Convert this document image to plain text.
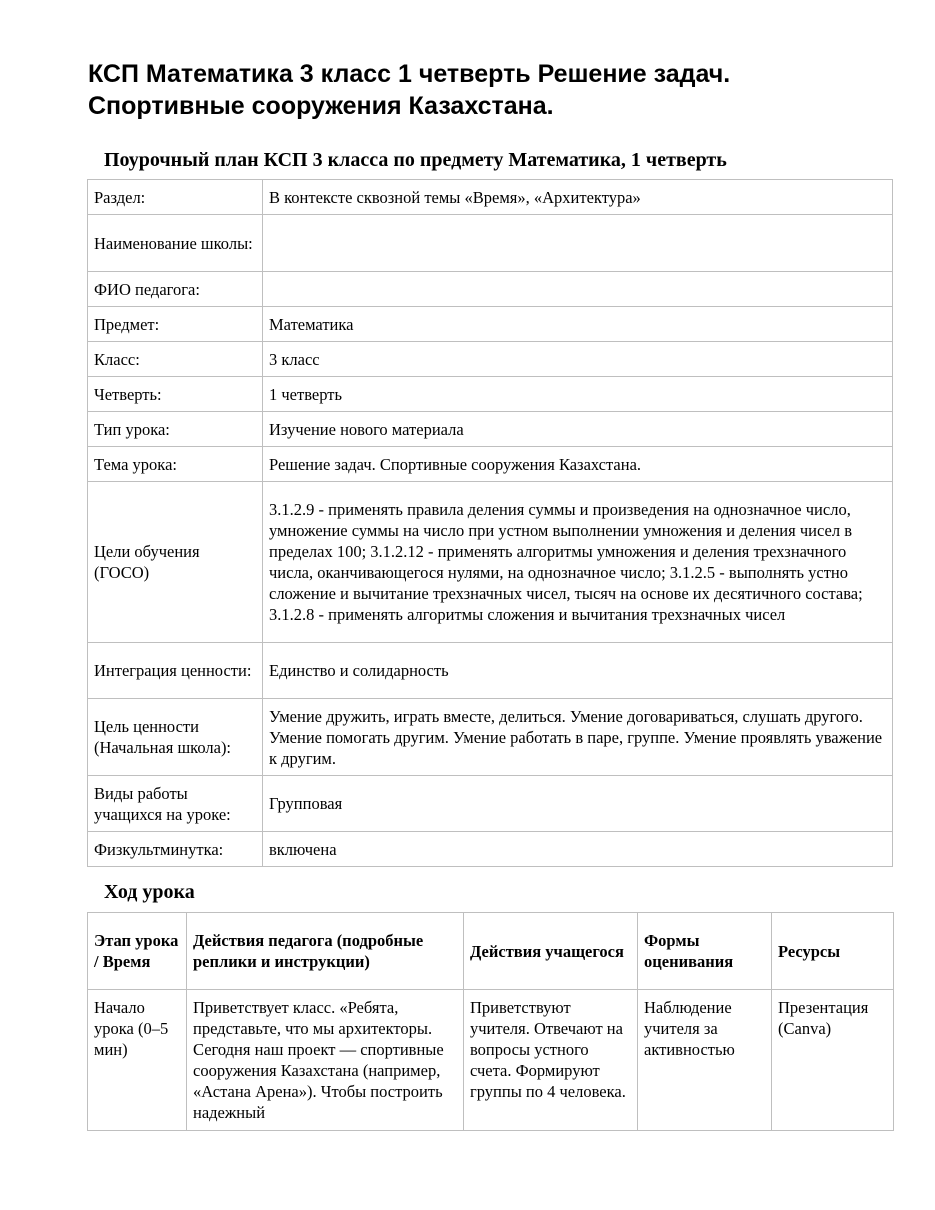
КСП Математика 3 класс 1 четверть Решение задач. Спортивные сооружения Казахстана.
Поурочный план КСП 3 класса по предмету Математика, 1 четверть
Раздел:	В контексте сквозной темы «Время», «Архитектура»
Наименование школы:	
ФИО педагога:	
Предмет:	Математика
Класс:	3 класс
Четверть:	1 четверть
Тип урока:	Изучение нового материала
Тема урока:	Решение задач. Спортивные сооружения Казахстана.
Цели обучения (ГОСО)	3.1.2.9 - применять правила деления суммы и произведения на однозначное число, умножение суммы на число при устном выполнении умножения и деления чисел в пределах 100; 3.1.2.12 - применять алгоритмы умножения и деления трехзначного числа, оканчивающегося нулями, на однозначное число; 3.1.2.5 - выполнять устно сложение и вычитание трехзначных чисел, тысяч на основе их десятичного состава; 3.1.2.8 - применять алгоритмы сложения и вычитания трехзначных чисел
Интеграция ценности:	Единство и солидарность
Цель ценности (Начальная школа):	Умение дружить, играть вместе, делиться. Умение договариваться, слушать другого. Умение помогать другим. Умение работать в паре, группе. Умение проявлять уважение к другим.
Виды работы учащихся на уроке:	Групповая
Физкультминутка:	включена
Ход урока
Этап урока / Время	Действия педагога (подробные реплики и инструкции)	Действия учащегося	Формы оценивания	Ресурсы
Начало урока (0–5 мин)	Приветствует класс. «Ребята, представьте, что мы архитекторы. Сегодня наш проект — спортивные сооружения Казахстана (например, «Астана Арена»). Чтобы построить надежный	Приветствуют учителя. Отвечают на вопросы устного счета. Формируют группы по 4 человека.	Наблюдение учителя за активностью	Презентация (Canva)
